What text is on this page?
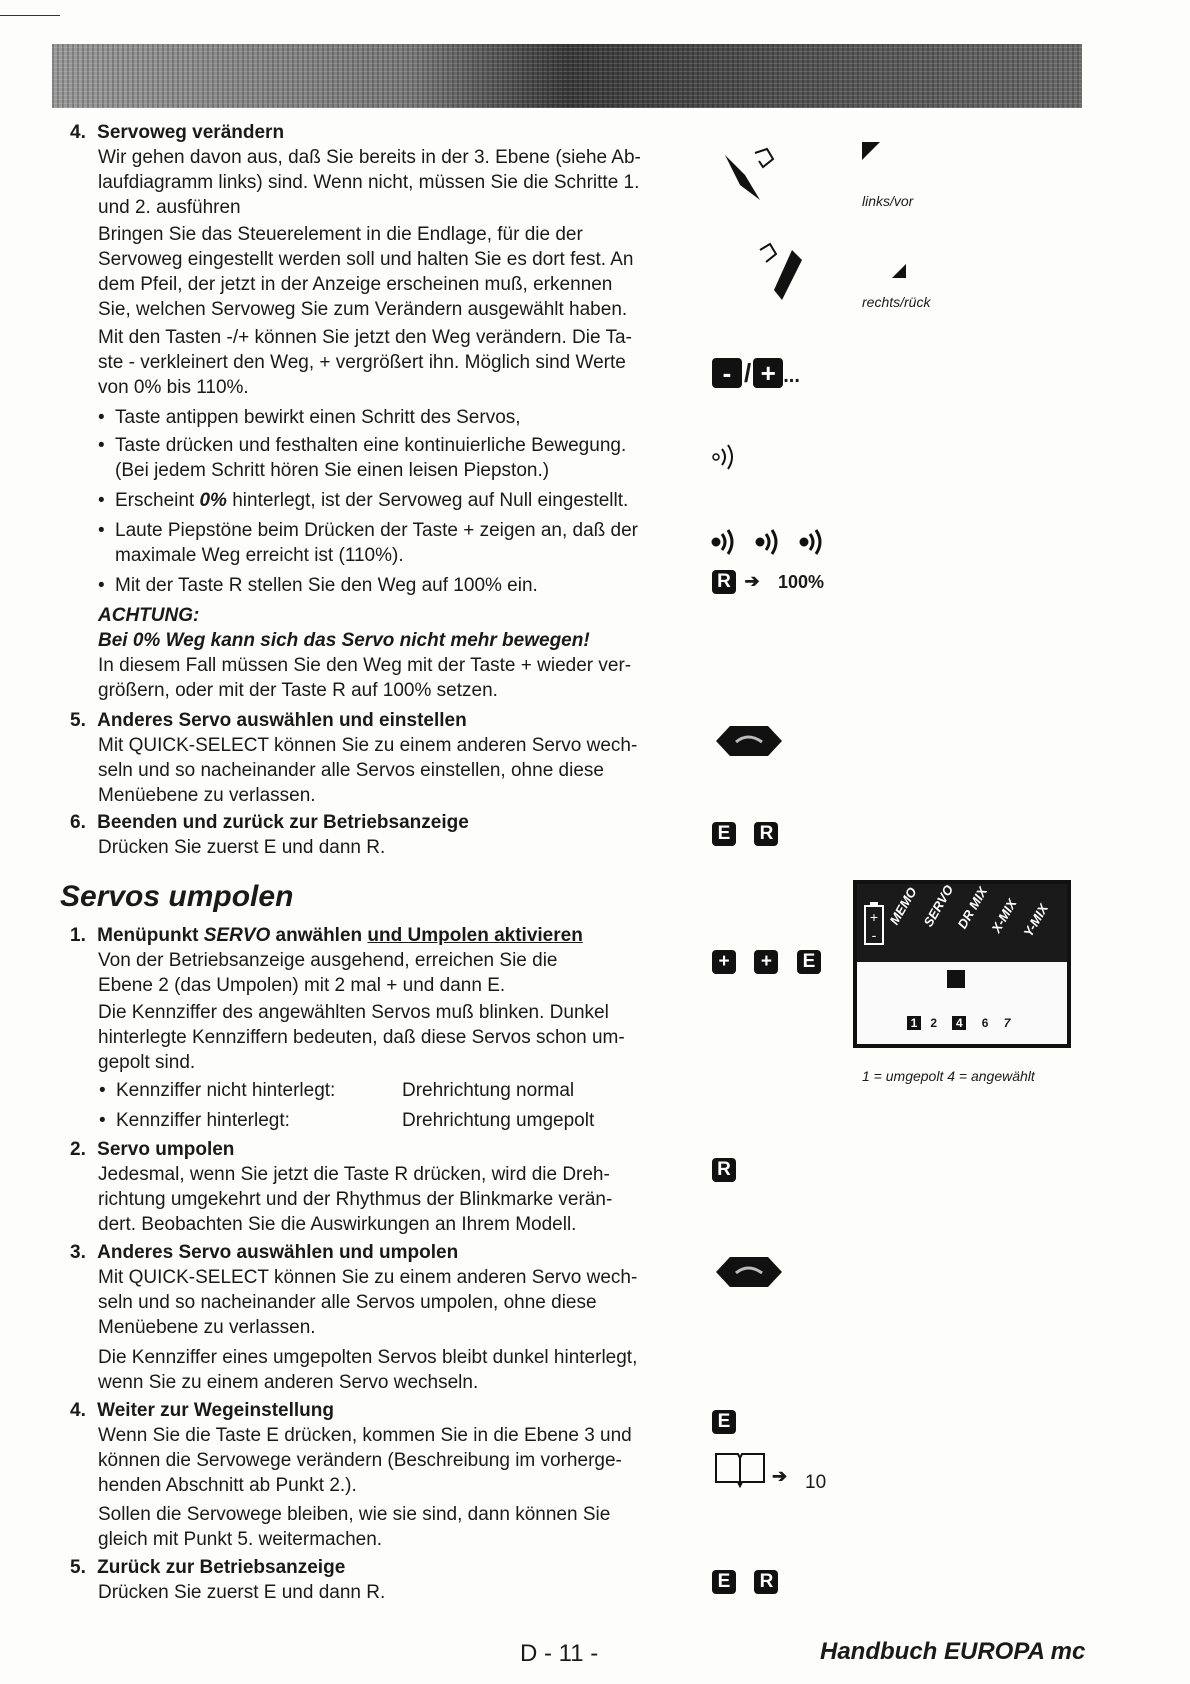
4. Servoweg verändern
Wir gehen davon aus, daß Sie bereits in der 3. Ebene (siehe Ab-
laufdiagramm links) sind. Wenn nicht, müssen Sie die Schritte 1.
und 2. ausführen
Bringen Sie das Steuerelement in die Endlage, für die der
Servoweg eingestellt werden soll und halten Sie es dort fest. An
dem Pfeil, der jetzt in der Anzeige erscheinen muß, erkennen
Sie, welchen Servoweg Sie zum Verändern ausgewählt haben.
Mit den Tasten -/+ können Sie jetzt den Weg verändern. Die Ta-
ste - verkleinert den Weg, + vergrößert ihn. Möglich sind Werte
von 0% bis 110%.
• Taste antippen bewirkt einen Schritt des Servos,
• Taste drücken und festhalten eine kontinuierliche Bewegung.
(Bei jedem Schritt hören Sie einen leisen Piepston.)
• Erscheint 0% hinterlegt, ist der Servoweg auf Null eingestellt.
• Laute Piepstöne beim Drücken der Taste + zeigen an, daß der
maximale Weg erreicht ist (110%).
• Mit der Taste R stellen Sie den Weg auf 100% ein.
ACHTUNG:
Bei 0% Weg kann sich das Servo nicht mehr bewegen!
In diesem Fall müssen Sie den Weg mit der Taste + wieder ver-
größern, oder mit der Taste R auf 100% setzen.
5. Anderes Servo auswählen und einstellen
Mit QUICK-SELECT können Sie zu einem anderen Servo wech-
seln und so nacheinander alle Servos einstellen, ohne diese
Menüebene zu verlassen.
6. Beenden und zurück zur Betriebsanzeige
Drücken Sie zuerst E und dann R.
Servos umpolen
1. Menüpunkt SERVO anwählen und Umpolen aktivieren
Von der Betriebsanzeige ausgehend, erreichen Sie die
Ebene 2 (das Umpolen) mit 2 mal + und dann E.
Die Kennziffer des angewählten Servos muß blinken. Dunkel
hinterlegte Kennziffern bedeuten, daß diese Servos schon um-
gepolt sind.
• Kennziffer nicht hinterlegt:	Drehrichtung normal
• Kennziffer hinterlegt:	Drehrichtung umgepolt
2. Servo umpolen
Jedesmal, wenn Sie jetzt die Taste R drücken, wird die Dreh-
richtung umgekehrt und der Rhythmus der Blinkmarke verän-
dert. Beobachten Sie die Auswirkungen an Ihrem Modell.
3. Anderes Servo auswählen und umpolen
Mit QUICK-SELECT können Sie zu einem anderen Servo wech-
seln und so nacheinander alle Servos umpolen, ohne diese
Menüebene zu verlassen.
Die Kennziffer eines umgepolten Servos bleibt dunkel hinterlegt,
wenn Sie zu einem anderen Servo wechseln.
4. Weiter zur Wegeinstellung
Wenn Sie die Taste E drücken, kommen Sie in die Ebene 3 und
können die Servowege verändern (Beschreibung im vorherge-
henden Abschnitt ab Punkt 2.).
Sollen die Servowege bleiben, wie sie sind, dann können Sie
gleich mit Punkt 5. weitermachen.
5. Zurück zur Betriebsanzeige
Drücken Sie zuerst E und dann R.
links/vor
rechts/rück
- / + ...
R ➔ 100%
E R
+ + E
+
-
MEMO SERVO
DR MIX
X-MIX Y-MIX
1 2 4 6 7
1 = umgepolt 4 = angewählt
R
E
➔ 10
E R
D - 11 -	Handbuch EUROPA mc
